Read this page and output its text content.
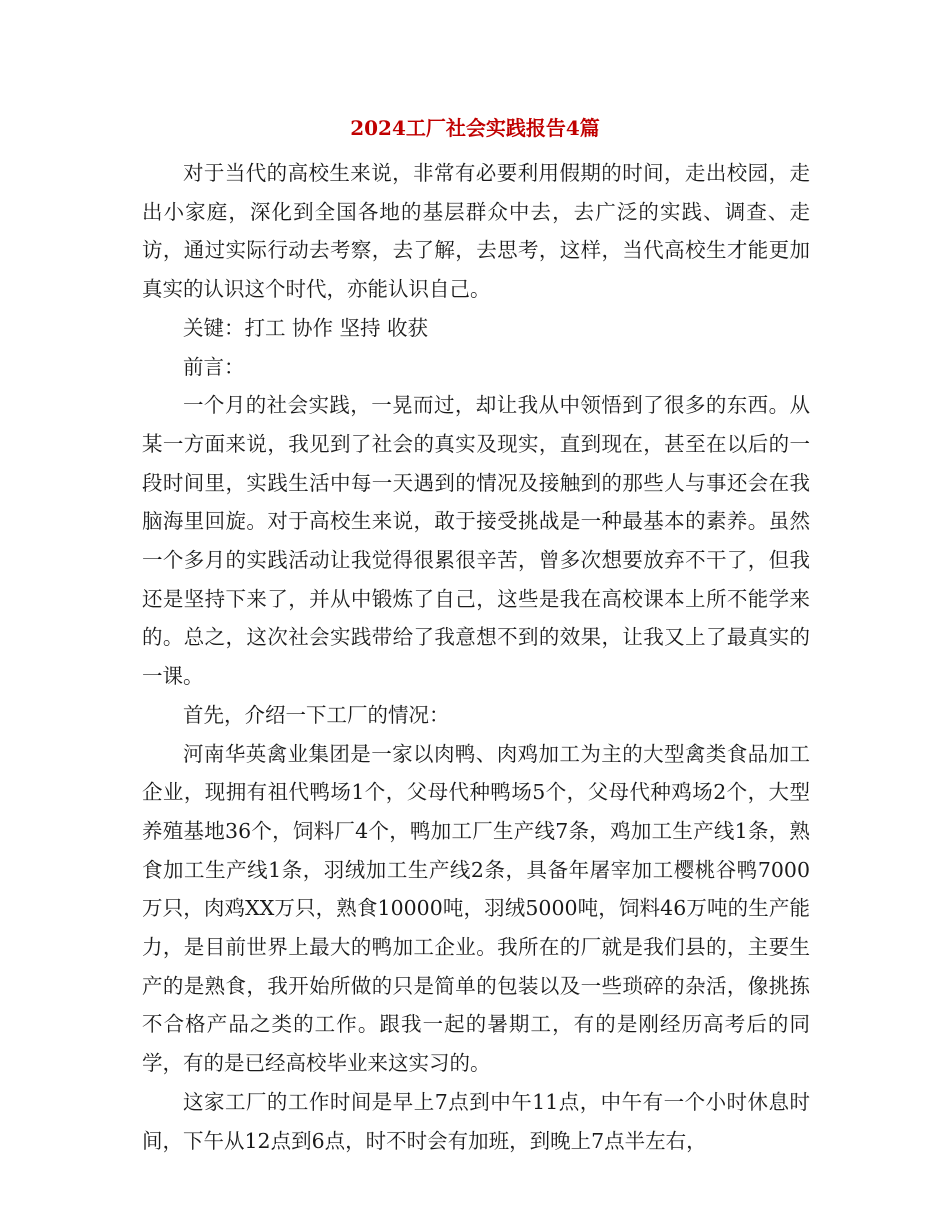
2024工厂社会实践报告4篇

对于当代的高校生来说，非常有必要利用假期的时间，走出校园，走出小家庭，深化到全国各地的基层群众中去，去广泛的实践、调查、走访，通过实际行动去考察，去了解，去思考，这样，当代高校生才能更加真实的认识这个时代，亦能认识自己。

关键：打工 协作 坚持 收获

前言：

一个月的社会实践，一晃而过，却让我从中领悟到了很多的东西。从某一方面来说，我见到了社会的真实及现实，直到现在，甚至在以后的一段时间里，实践生活中每一天遇到的情况及接触到的那些人与事还会在我脑海里回旋。对于高校生来说，敢于接受挑战是一种最基本的素养。虽然一个多月的实践活动让我觉得很累很辛苦，曾多次想要放弃不干了，但我还是坚持下来了，并从中锻炼了自己，这些是我在高校课本上所不能学来的。总之，这次社会实践带给了我意想不到的效果，让我又上了最真实的一课。

首先，介绍一下工厂的情况：

河南华英禽业集团是一家以肉鸭、肉鸡加工为主的大型禽类食品加工企业，现拥有祖代鸭场1个，父母代种鸭场5个，父母代种鸡场2个，大型养殖基地36个，饲料厂4个，鸭加工厂生产线7条，鸡加工生产线1条，熟食加工生产线1条，羽绒加工生产线2条，具备年屠宰加工樱桃谷鸭7000万只，肉鸡XX万只，熟食10000吨，羽绒5000吨，饲料46万吨的生产能力，是目前世界上最大的鸭加工企业。我所在的厂就是我们县的，主要生产的是熟食，我开始所做的只是简单的包装以及一些琐碎的杂活，像挑拣不合格产品之类的工作。跟我一起的暑期工，有的是刚经历高考后的同学，有的是已经高校毕业来这实习的。

这家工厂的工作时间是早上7点到中午11点，中午有一个小时休息时间，下午从12点到6点，时不时会有加班，到晚上7点半左右，
